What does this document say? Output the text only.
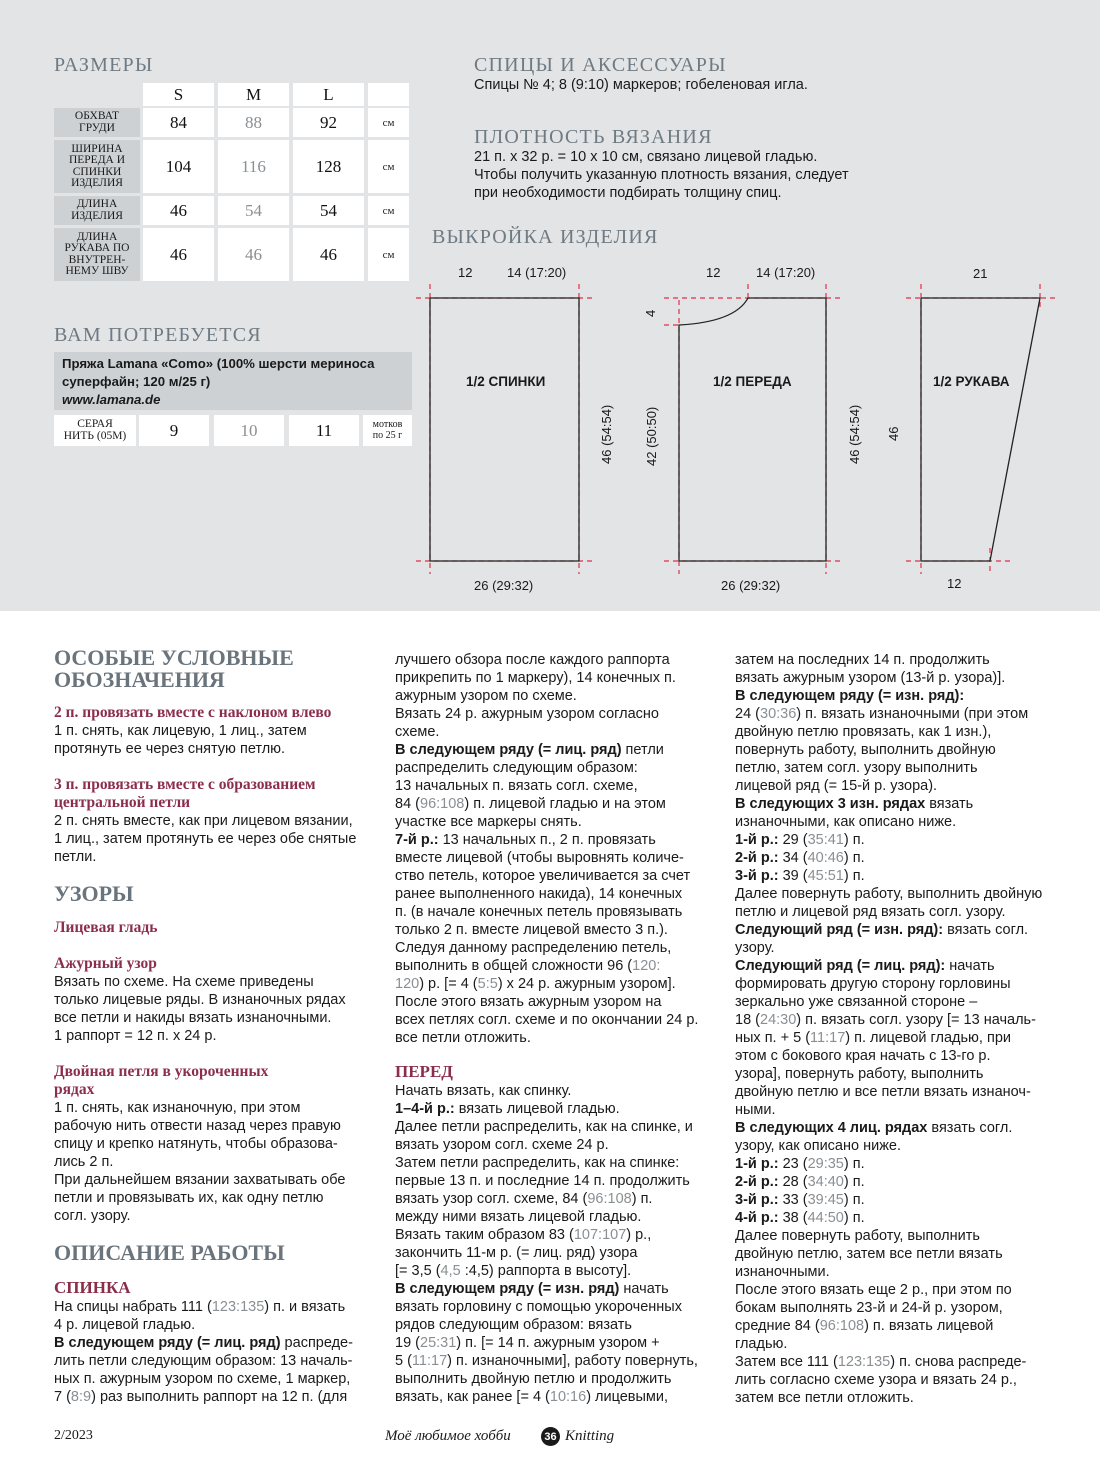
РАЗМЕРЫ
S	M	L
ОБХВАТ
ГРУДИ	84	88	92	см
ШИРИНА
ПЕРЕДА И
СПИНКИ
ИЗДЕЛИЯ
104	116	128	см
ДЛИНА
ИЗДЕЛИЯ	46	54	54	см
ДЛИНА
РУКАВА ПО
ВНУТРЕН-
НЕМУ ШВУ
46	46	46	см
СПИЦЫ И АКСЕССУАРЫ
Спицы № 4; 8 (9:10) маркеров; гобеленовая игла.
ПЛОТНОСТЬ ВЯЗАНИЯ
21 п. х 32 р. = 10 х 10 см, связано лицевой гладью.
Чтобы получить указанную плотность вязания, следует
при необходимости подбирать толщину спиц.
ВЫКРОЙКА ИЗДЕЛИЯ
12	14 (17:20)
26 (29:32)
46 (54:54)
12	14 (17:20)
4
42 (50:50)	46 (54:54)
26 (29:32)
21
46
12
1/2 СПИНКИ	1/2 ПЕРЕДА	1/2 РУКАВА
ВАМ ПОТРЕБУЕТСЯ
Пряжа Lamana «Como» (100% шерсти мериноса
суперфайн; 120 м/25 г)
www.lamana.de
СЕРАЯ
НИТЬ (05М)	9	10	11	мотков
по 25 г
ОСОБЫЕ УСЛОВНЫЕ
ОБОЗНАЧЕНИЯ
2 п. провязать вместе с наклоном влево
1 п. снять, как лицевую, 1 лиц., затем
протянуть ее через снятую петлю.
3 п. провязать вместе с образованием
центральной петли
2 п. снять вместе, как при лицевом вязании,
1 лиц., затем протянуть ее через обе снятые
петли.
УЗОРЫ
Лицевая гладь
Ажурный узор
Вязать по схеме. На схеме приведены
только лицевые ряды. В изнаночных рядах
все петли и накиды вязать изнаночными.
1 раппорт = 12 п. х 24 р.
Двойная петля в укороченных
рядах
1 п. снять, как изнаночную, при этом
рабочую нить отвести назад через правую
спицу и крепко натянуть, чтобы образова-
лись 2 п.
При дальнейшем вязании захватывать обе
петли и провязывать их, как одну петлю
согл. узору.
ОПИСАНИЕ РАБОТЫ
СПИНКА
На спицы набрать 111 (123:135) п. и вязать
4 р. лицевой гладью.
В следующем ряду (= лиц. ряд) распреде-
лить петли следующим образом: 13 началь-
ных п. ажурным узором по схеме, 1 маркер,
7 (8:9) раз выполнить раппорт на 12 п. (для
лучшего обзора после каждого раппорта
прикрепить по 1 маркеру), 14 конечных п.
ажурным узором по схеме.
Вязать 24 р. ажурным узором согласно
схеме.
В следующем ряду (= лиц. ряд) петли
распределить следующим образом:
13 начальных п. вязать согл. схеме,
84 (96:108) п. лицевой гладью и на этом
участке все маркеры снять.
7-й р.: 13 начальных п., 2 п. провязать
вместе лицевой (чтобы выровнять количе-
ство петель, которое увеличивается за счет
ранее выполненного накида), 14 конечных
п. (в начале конечных петель провязывать
только 2 п. вместе лицевой вместо 3 п.).
Следуя данному распределению петель,
выполнить в общей сложности 96 (120:
120) р. [= 4 (5:5) х 24 р. ажурным узором].
После этого вязать ажурным узором на
всех петлях согл. схеме и по окончании 24 р.
все петли отложить.
ПЕРЕД
Начать вязать, как спинку.
1–4-й р.: вязать лицевой гладью.
Далее петли распределить, как на спинке, и
вязать узором согл. схеме 24 р.
Затем петли распределить, как на спинке:
первые 13 п. и последние 14 п. продолжить
вязать узор согл. схеме, 84 (96:108) п.
между ними вязать лицевой гладью.
Вязать таким образом 83 (107:107) р.,
закончить 11-м р. (= лиц. ряд) узора
[= 3,5 (4,5 :4,5) раппорта в высоту].
В следующем ряду (= изн. ряд) начать
вязать горловину с помощью укороченных
рядов следующим образом: вязать
19 (25:31) п. [= 14 п. ажурным узором +
5 (11:17) п. изнаночными], работу повернуть,
выполнить двойную петлю и продолжить
вязать, как ранее [= 4 (10:16) лицевыми,
затем на последних 14 п. продолжить
вязать ажурным узором (13-й р. узора)].
В следующем ряду (= изн. ряд):
24 (30:36) п. вязать изнаночными (при этом
двойную петлю провязать, как 1 изн.),
повернуть работу, выполнить двойную
петлю, затем согл. узору выполнить
лицевой ряд (= 15-й р. узора).
В следующих 3 изн. рядах вязать
изнаночными, как описано ниже.
1-й р.: 29 (35:41) п.
2-й р.: 34 (40:46) п.
3-й р.: 39 (45:51) п.
Далее повернуть работу, выполнить двойную
петлю и лицевой ряд вязать согл. узору.
Следующий ряд (= изн. ряд): вязать согл.
узору.
Следующий ряд (= лиц. ряд): начать
формировать другую сторону горловины
зеркально уже связанной стороне –
18 (24:30) п. вязать согл. узору [= 13 началь-
ных п. + 5 (11:17) п. лицевой гладью, при
этом с бокового края начать с 13-го р.
узора], повернуть работу, выполнить
двойную петлю и все петли вязать изнаноч-
ными.
В следующих 4 лиц. рядах вязать согл.
узору, как описано ниже.
1-й р.: 23 (29:35) п.
2-й р.: 28 (34:40) п.
3-й р.: 33 (39:45) п.
4-й р.: 38 (44:50) п.
Далее повернуть работу, выполнить
двойную петлю, затем все петли вязать
изнаночными.
После этого вязать еще 2 р., при этом по
бокам выполнять 23-й и 24-й р. узором,
средние 84 (96:108) п. вязать лицевой
гладью.
Затем все 111 (123:135) п. снова распреде-
лить согласно схеме узора и вязать 24 р.,
затем все петли отложить.
2/2023	Моё любимое хобби	36 Knitting
